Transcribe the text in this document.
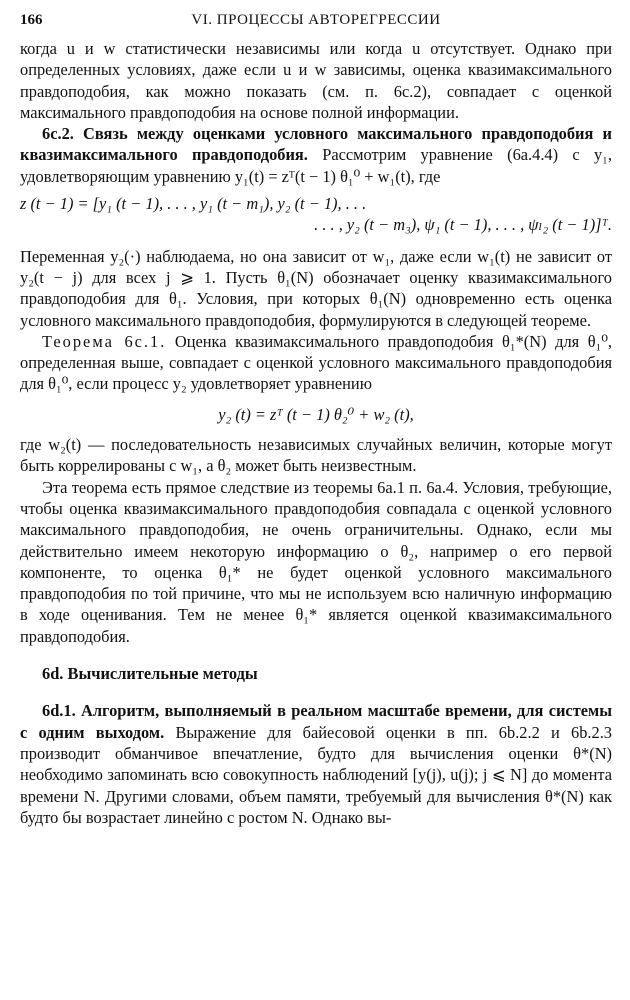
166	VI. ПРОЦЕССЫ АВТОРЕГРЕССИИ

когда u и w статистически независимы или когда u отсутствует. Однако при определенных условиях, даже если u и w зависимы, оценка квазимаксимального правдоподобия, как можно показать (см. п. 6с.2), совпадает с оценкой максимального правдоподобия на основе полной информации.

6с.2. Связь между оценками условного максимального правдоподобия и квазимаксимального правдоподобия. Рассмотрим уравнение (6а.4.4) с y₁, удовлетворяющим уравнению y₁(t) = zᵀ(t − 1) θ₁⁰ + w₁(t), где

z (t − 1) = [y₁ (t − 1), . . . , y₁ (t − m₁), y₂ (t − 1), . . .

. . . , y₂ (t − m₃), ψ₁ (t − 1), . . . , ψₗ₂ (t − 1)]ᵀ.

Переменная y₂(·) наблюдаема, но она зависит от w₁, даже если w₁(t) не зависит от y₂(t − j) для всех j ⩾ 1. Пусть θ₁(N) обозначает оценку квазимаксимального правдоподобия для θ₁. Условия, при которых θ₁(N) одновременно есть оценка условного максимального правдоподобия, формулируются в следующей теореме.

Теорема 6с.1. Оценка квазимаксимального правдоподобия θ₁*(N) для θ₁⁰, определенная выше, совпадает с оценкой условного максимального правдоподобия для θ₁⁰, если процесс y₂ удовлетворяет уравнению

y₂ (t) = zᵀ (t − 1) θ₂⁰ + w₂ (t),

где w₂(t) — последовательность независимых случайных величин, которые могут быть коррелированы с w₁, а θ₂ может быть неизвестным.

Эта теорема есть прямое следствие из теоремы 6а.1 п. 6а.4. Условия, требующие, чтобы оценка квазимаксимального правдоподобия совпадала с оценкой условного максимального правдоподобия, не очень ограничительны. Однако, если мы действительно имеем некоторую информацию о θ₂, например о его первой компоненте, то оценка θ₁* не будет оценкой условного максимального правдоподобия по той причине, что мы не используем всю наличную информацию в ходе оценивания. Тем не менее θ₁* является оценкой квазимаксимального правдоподобия.

6d. Вычислительные методы

6d.1. Алгоритм, выполняемый в реальном масштабе времени, для системы с одним выходом. Выражение для байесовой оценки в пп. 6b.2.2 и 6b.2.3 производит обманчивое впечатление, будто для вычисления оценки θ*(N) необходимо запоминать всю совокупность наблюдений [y(j), u(j); j ⩽ N] до момента времени N. Другими словами, объем памяти, требуемый для вычисления θ*(N) как будто бы возрастает линейно с ростом N. Однако вы-
